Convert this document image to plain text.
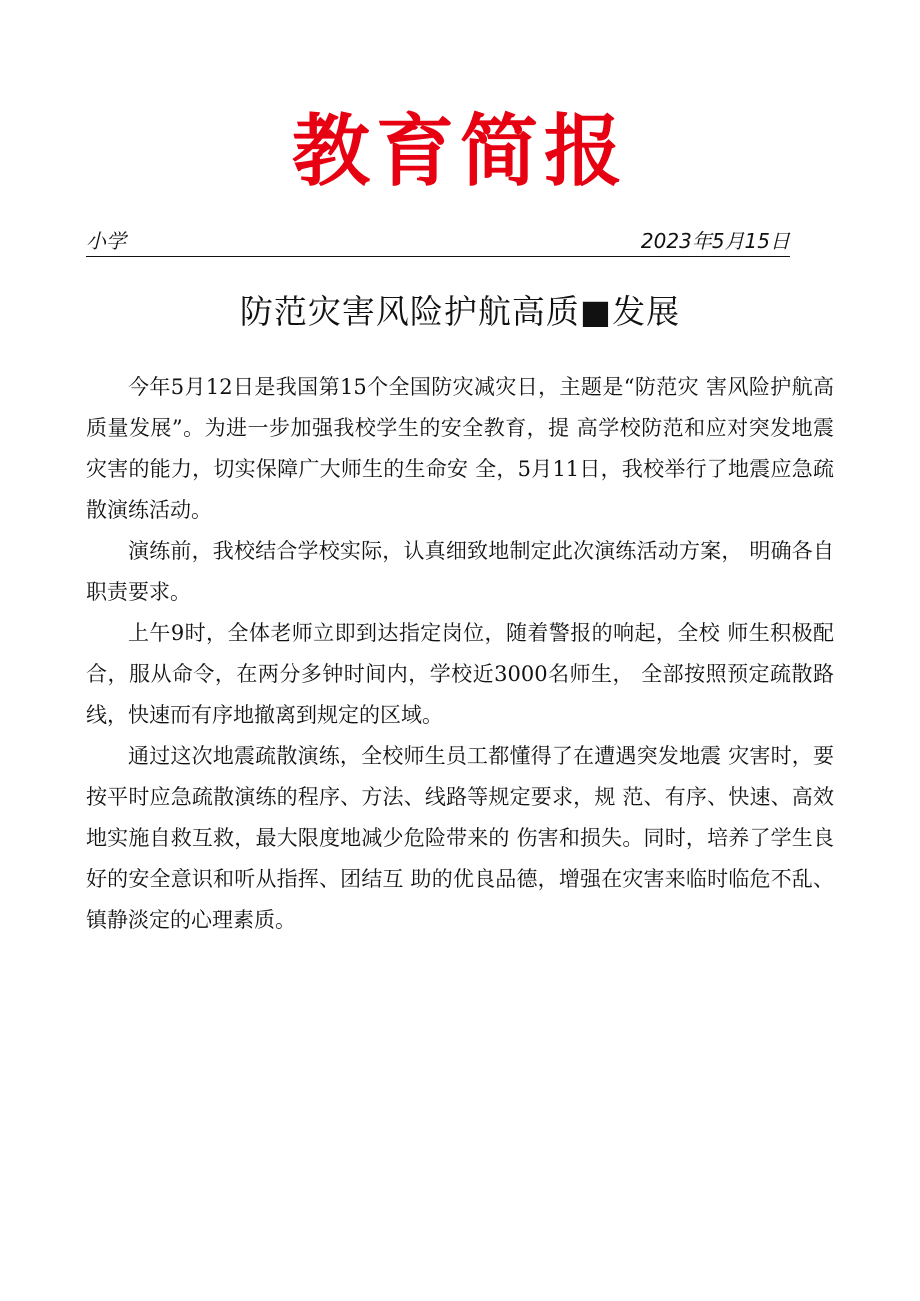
教育简报
小学	2023年5月15日
防范灾害风险护航高质■发展

今年5月12日是我国第15个全国防灾减灾日，主题是“防范灾 害风险护航高质量发展”。为进一步加强我校学生的安全教育，提 高学校防范和应对突发地震灾害的能力，切实保障广大师生的生命安 全，5月11日，我校举行了地震应急疏散演练活动。

演练前，我校结合学校实际，认真细致地制定此次演练活动方案， 明确各自职责要求。

上午9时，全体老师立即到达指定岗位，随着警报的响起，全校 师生积极配合，服从命令，在两分多钟时间内，学校近3000名师生， 全部按照预定疏散路线，快速而有序地撤离到规定的区域。

通过这次地震疏散演练，全校师生员工都懂得了在遭遇突发地震 灾害时，要按平时应急疏散演练的程序、方法、线路等规定要求，规 范、有序、快速、高效地实施自救互救，最大限度地减少危险带来的 伤害和损失。同时，培养了学生良好的安全意识和听从指挥、团结互 助的优良品德，增强在灾害来临时临危不乱、镇静淡定的心理素质。
